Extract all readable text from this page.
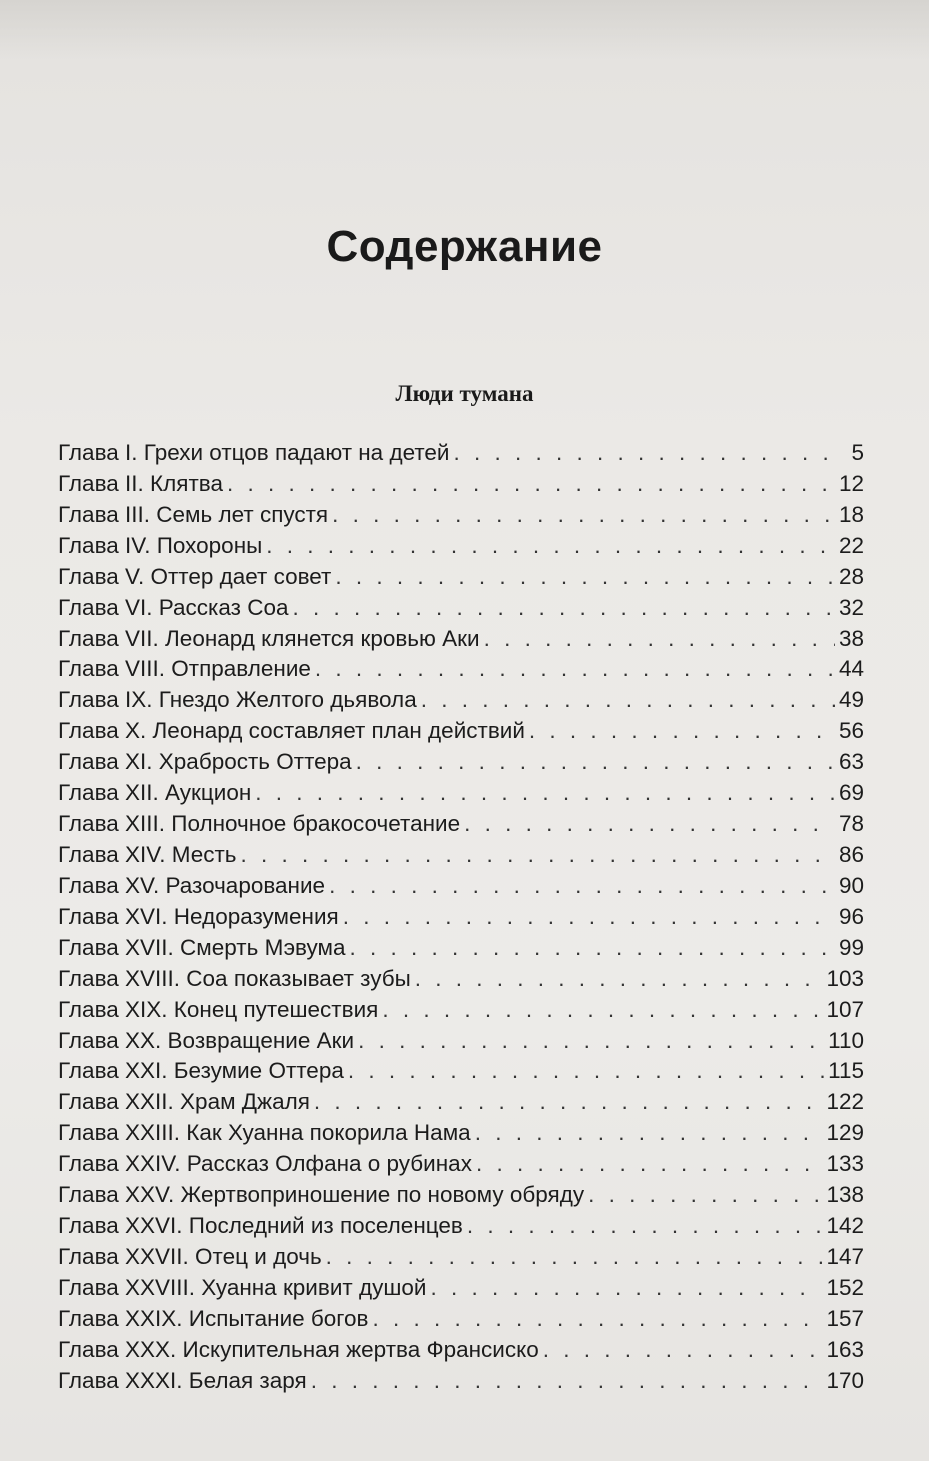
Содержание
Люди тумана
Глава I. Грехи отцов падают на детей . . .	5
Глава II. Клятва . . .	12
Глава III. Семь лет спустя . . .	18
Глава IV. Похороны . . .	22
Глава V. Оттер дает совет . . .	28
Глава VI. Рассказ Соа . . .	32
Глава VII. Леонард клянется кровью Аки . . .	38
Глава VIII. Отправление . . .	44
Глава IX. Гнездо Желтого дьявола . . .	49
Глава X. Леонард составляет план действий . . .	56
Глава XI. Храбрость Оттера . . .	63
Глава XII. Аукцион . . .	69
Глава XIII. Полночное бракосочетание . . .	78
Глава XIV. Месть . . .	86
Глава XV. Разочарование . . .	90
Глава XVI. Недоразумения . . .	96
Глава XVII. Смерть Мэвума . . .	99
Глава XVIII. Соа показывает зубы . . .	103
Глава XIX. Конец путешествия . . .	107
Глава XX. Возвращение Аки . . .	110
Глава XXI. Безумие Оттера . . .	115
Глава XXII. Храм Джаля . . .	122
Глава XXIII. Как Хуанна покорила Нама . . .	129
Глава XXIV. Рассказ Олфана о рубинах . . .	133
Глава XXV. Жертвоприношение по новому обряду . . .	138
Глава XXVI. Последний из поселенцев . . .	142
Глава XXVII. Отец и дочь . . .	147
Глава XXVIII. Хуанна кривит душой . . .	152
Глава XXIX. Испытание богов . . .	157
Глава XXX. Искупительная жертва Франсиско . . .	163
Глава XXXI. Белая заря . . .	170
